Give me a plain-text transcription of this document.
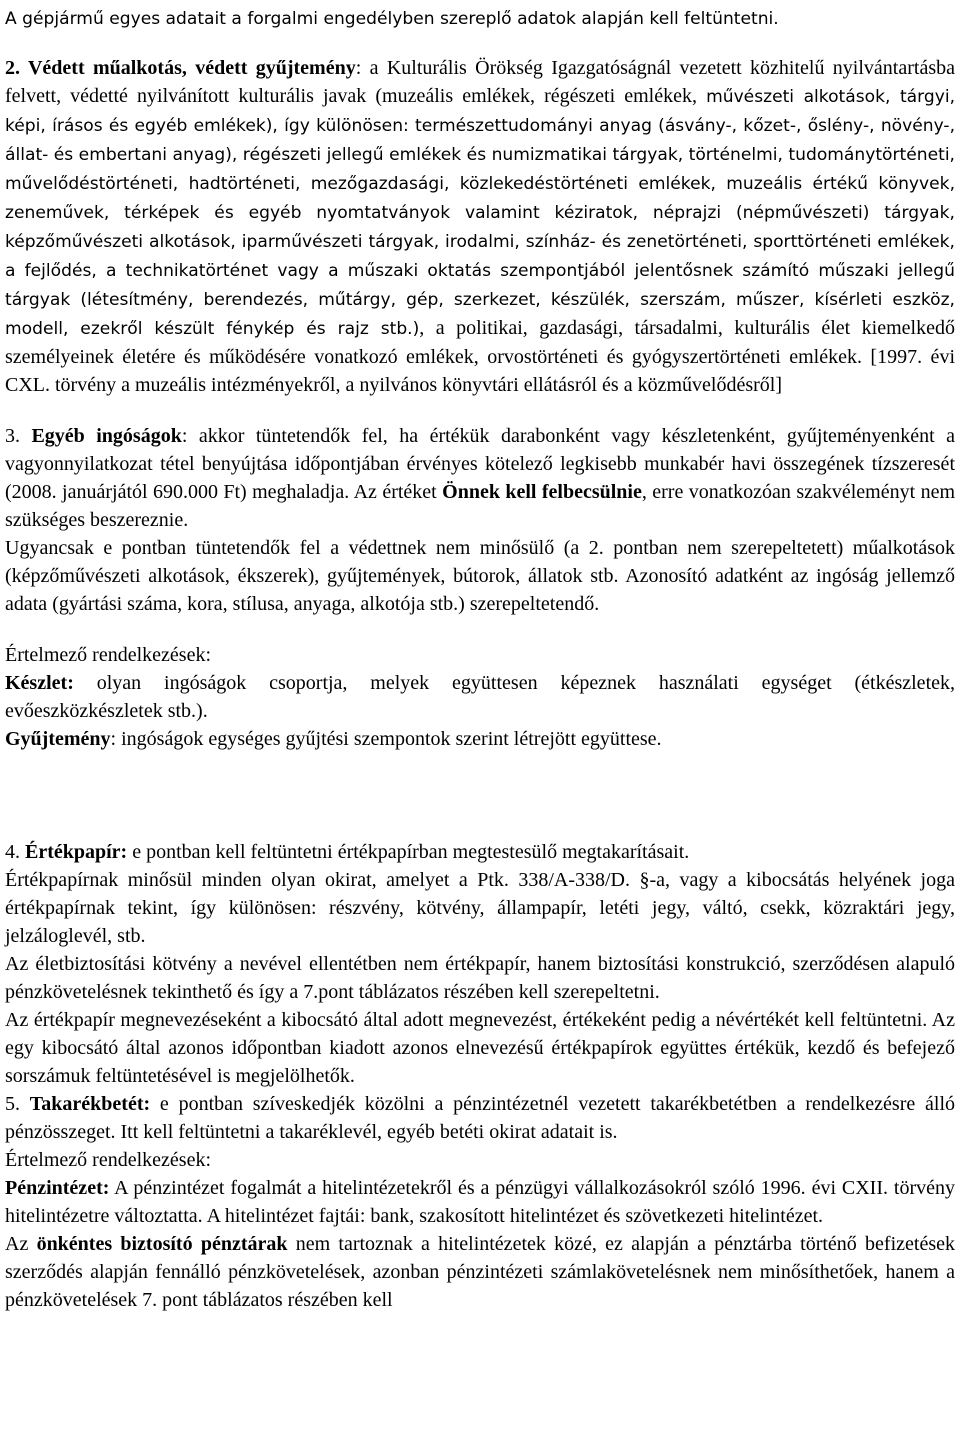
A gépjármű egyes adatait a forgalmi engedélyben szereplő adatok alapján kell feltüntetni.

2. Védett műalkotás, védett gyűjtemény: a Kulturális Örökség Igazgatóságnál vezetett közhitelű nyilvántartásba felvett, védetté nyilvánított kulturális javak (muzeális emlékek, régészeti emlékek, művészeti alkotások, tárgyi, képi, írásos és egyéb emlékek), így különösen: természettudományi anyag (ásvány-, kőzet-, őslény-, növény-, állat- és embertani anyag), régészeti jellegű emlékek és numizmatikai tárgyak, történelmi, tudománytörténeti, művelődéstörténeti, hadtörténeti, mezőgazdasági, közlekedéstörténeti emlékek, muzeális értékű könyvek, zeneművek, térképek és egyéb nyomtatványok valamint kéziratok, néprajzi (népművészeti) tárgyak, képzőművészeti alkotások, iparművészeti tárgyak, irodalmi, színház- és zenetörténeti, sporttörténeti emlékek, a fejlődés, a technikatörténet vagy a műszaki oktatás szempontjából jelentősnek számító műszaki jellegű tárgyak (létesítmény, berendezés, műtárgy, gép, szerkezet, készülék, szerszám, műszer, kísérleti eszköz, modell, ezekről készült fénykép és rajz stb.), a politikai, gazdasági, társadalmi, kulturális élet kiemelkedő személyeinek életére és működésére vonatkozó emlékek, orvostörténeti és gyógyszertörténeti emlékek. [1997. évi CXL. törvény a muzeális intézményekről, a nyilvános könyvtári ellátásról és a közművelődésről]

3. Egyéb ingóságok: akkor tüntetendők fel, ha értékük darabonként vagy készletenként, gyűjteményenként a vagyonnyilatkozat tétel benyújtása időpontjában érvényes kötelező legkisebb munkabér havi összegének tízszeresét (2008. januárjától 690.000 Ft) meghaladja. Az értéket Önnek kell felbecsülnie, erre vonatkozóan szakvéleményt nem szükséges beszereznie.

Ugyancsak e pontban tüntetendők fel a védettnek nem minősülő (a 2. pontban nem szerepeltetett) műalkotások (képzőművészeti alkotások, ékszerek), gyűjtemények, bútorok, állatok stb. Azonosító adatként az ingóság jellemző adata (gyártási száma, kora, stílusa, anyaga, alkotója stb.) szerepeltetendő.

Értelmező rendelkezések:

Készlet: olyan ingóságok csoportja, melyek együttesen képeznek használati egységet (étkészletek, evőeszközkészletek stb.).

Gyűjtemény: ingóságok egységes gyűjtési szempontok szerint létrejött együttese.

4. Értékpapír: e pontban kell feltüntetni értékpapírban megtestesülő megtakarításait.

Értékpapírnak minősül minden olyan okirat, amelyet a Ptk. 338/A-338/D. §-a, vagy a kibocsátás helyének joga értékpapírnak tekint, így különösen: részvény, kötvény, állampapír, letéti jegy, váltó, csekk, közraktári jegy, jelzáloglevél, stb.

Az életbiztosítási kötvény a nevével ellentétben nem értékpapír, hanem biztosítási konstrukció, szerződésen alapuló pénzkövetelésnek tekinthető és így a 7.pont táblázatos részében kell szerepeltetni.

Az értékpapír megnevezéseként a kibocsátó által adott megnevezést, értékeként pedig a névértékét kell feltüntetni. Az egy kibocsátó által azonos időpontban kiadott azonos elnevezésű értékpapírok együttes értékük, kezdő és befejező sorszámuk feltüntetésével is megjelölhetők.

5. Takarékbetét: e pontban szíveskedjék közölni a pénzintézetnél vezetett takarékbetétben a rendelkezésre álló pénzösszeget. Itt kell feltüntetni a takaréklevél, egyéb betéti okirat adatait is.

Értelmező rendelkezések:

Pénzintézet: A pénzintézet fogalmát a hitelintézetekről és a pénzügyi vállalkozásokról szóló 1996. évi CXII. törvény hitelintézetre változtatta. A hitelintézet fajtái: bank, szakosított hitelintézet és szövetkezeti hitelintézet.

Az önkéntes biztosító pénztárak nem tartoznak a hitelintézetek közé, ez alapján a pénztárba történő befizetések szerződés alapján fennálló pénzkövetelések, azonban pénzintézeti számlakövetelésnek nem minősíthetőek, hanem a pénzkövetelések 7. pont táblázatos részében kell
